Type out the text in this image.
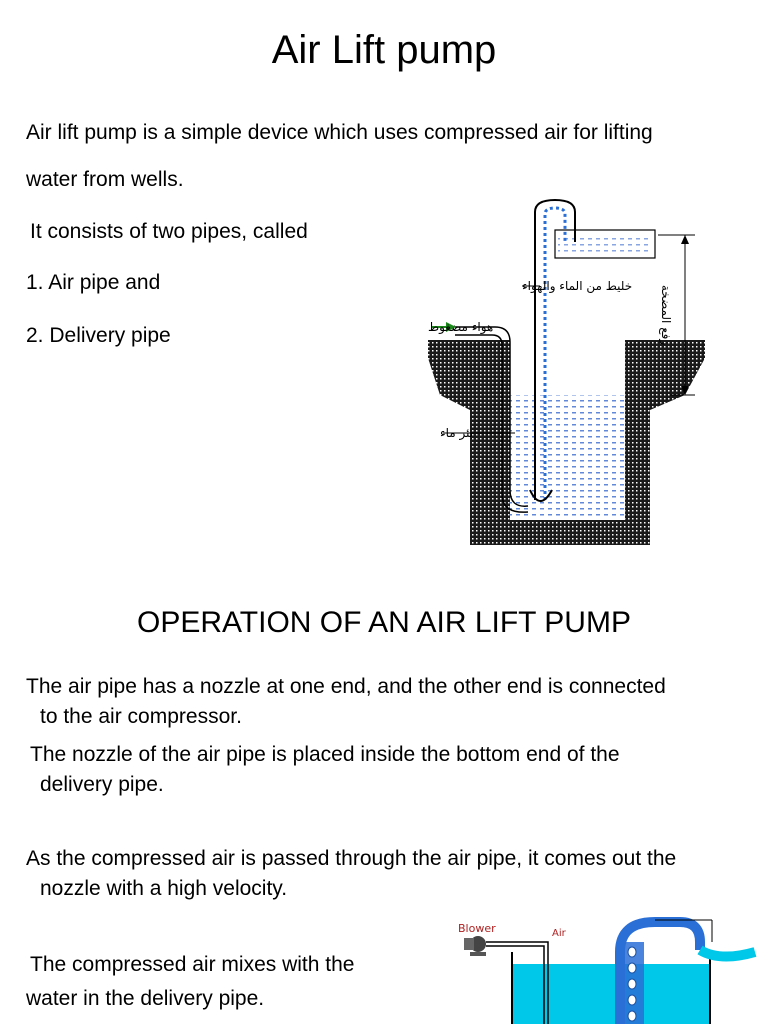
Air Lift pump
Air lift pump is a simple device which uses compressed air for lifting
water from wells.
It consists of two pipes, called
1. Air pipe and
2. Delivery pipe
خليط من الماء والهواء
هواء مضغوط
بئر ماء
رفع المضخة
OPERATION OF AN AIR LIFT PUMP
The air pipe has a nozzle at one end, and the other end is connected
to the air compressor.
The nozzle of the air pipe is placed inside the bottom end of the
delivery pipe.
As the compressed air is passed through the air pipe, it comes out the
nozzle with a high velocity.
The compressed air mixes with the
water in the delivery pipe.
Blower	Air
